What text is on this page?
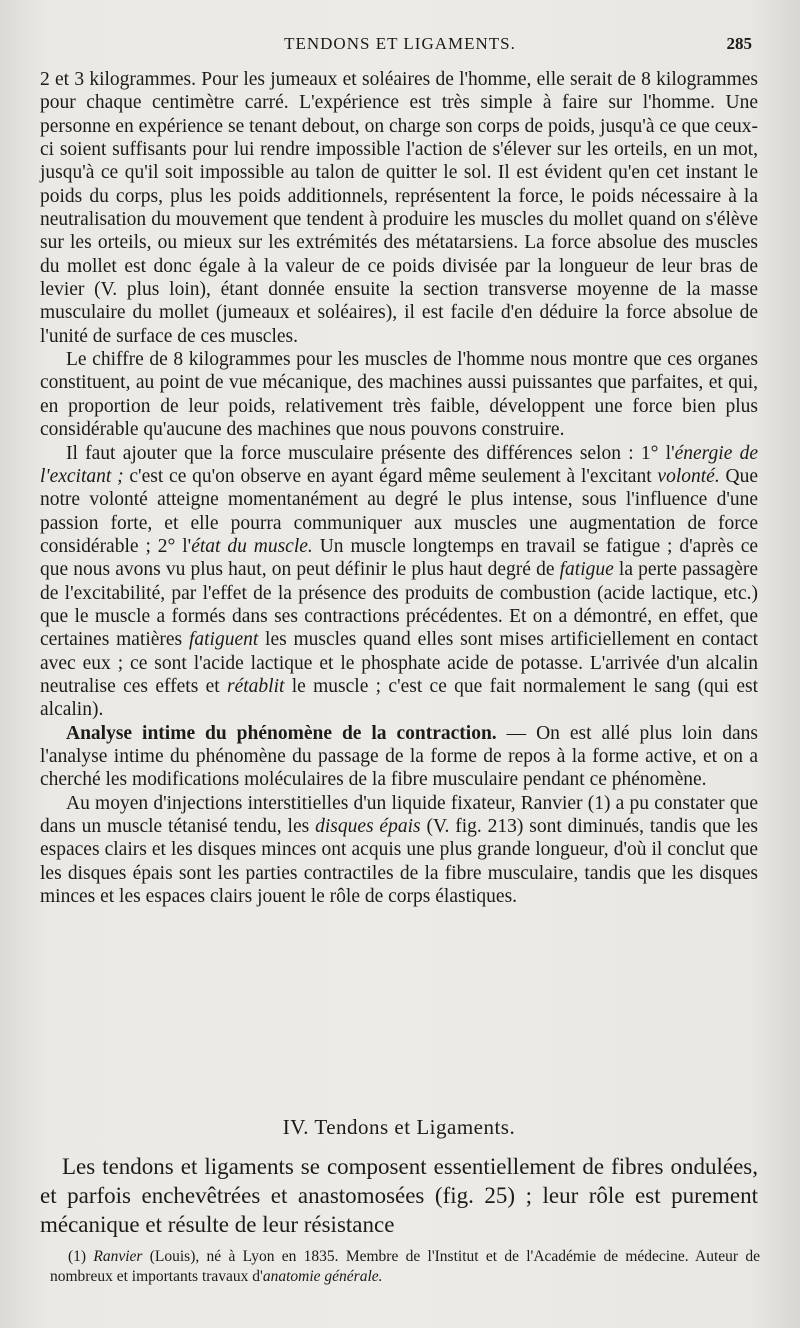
TENDONS ET LIGAMENTS.	285

2 et 3 kilogrammes. Pour les jumeaux et soléaires de l'homme, elle serait de 8 kilogrammes pour chaque centimètre carré. L'expérience est très simple à faire sur l'homme. Une personne en expérience se tenant debout, on charge son corps de poids, jusqu'à ce que ceux-ci soient suffisants pour lui rendre impossible l'action de s'élever sur les orteils, en un mot, jusqu'à ce qu'il soit impossible au talon de quitter le sol. Il est évident qu'en cet instant le poids du corps, plus les poids additionnels, représentent la force, le poids nécessaire à la neutralisation du mouvement que tendent à produire les muscles du mollet quand on s'élève sur les orteils, ou mieux sur les extrémités des métatarsiens. La force absolue des muscles du mollet est donc égale à la valeur de ce poids divisée par la longueur de leur bras de levier (V. plus loin), étant donnée ensuite la section transverse moyenne de la masse musculaire du mollet (jumeaux et soléaires), il est facile d'en déduire la force absolue de l'unité de surface de ces muscles.

Le chiffre de 8 kilogrammes pour les muscles de l'homme nous montre que ces organes constituent, au point de vue mécanique, des machines aussi puissantes que parfaites, et qui, en proportion de leur poids, relativement très faible, développent une force bien plus considérable qu'aucune des machines que nous pouvons construire.

Il faut ajouter que la force musculaire présente des différences selon : 1° l'énergie de l'excitant ; c'est ce qu'on observe en ayant égard même seulement à l'excitant volonté. Que notre volonté atteigne momentanément au degré le plus intense, sous l'influence d'une passion forte, et elle pourra communiquer aux muscles une augmentation de force considérable ; 2° l'état du muscle. Un muscle longtemps en travail se fatigue ; d'après ce que nous avons vu plus haut, on peut définir le plus haut degré de fatigue la perte passagère de l'excitabilité, par l'effet de la présence des produits de combustion (acide lactique, etc.) que le muscle a formés dans ses contractions précédentes. Et on a démontré, en effet, que certaines matières fatiguent les muscles quand elles sont mises artificiellement en contact avec eux ; ce sont l'acide lactique et le phosphate acide de potasse. L'arrivée d'un alcalin neutralise ces effets et rétablit le muscle ; c'est ce que fait normalement le sang (qui est alcalin).

Analyse intime du phénomène de la contraction. — On est allé plus loin dans l'analyse intime du phénomène du passage de la forme de repos à la forme active, et on a cherché les modifications moléculaires de la fibre musculaire pendant ce phénomène.

Au moyen d'injections interstitielles d'un liquide fixateur, Ranvier (1) a pu constater que dans un muscle tétanisé tendu, les disques épais (V. fig. 213) sont diminués, tandis que les espaces clairs et les disques minces ont acquis une plus grande longueur, d'où il conclut que les disques épais sont les parties contractiles de la fibre musculaire, tandis que les disques minces et les espaces clairs jouent le rôle de corps élastiques.

IV. Tendons et Ligaments.

Les tendons et ligaments se composent essentiellement de fibres ondulées, et parfois enchevêtrées et anastomosées (fig. 25) ; leur rôle est purement mécanique et résulte de leur résistance

(1) Ranvier (Louis), né à Lyon en 1835. Membre de l'Institut et de l'Académie de médecine. Auteur de nombreux et importants travaux d'anatomie générale.
